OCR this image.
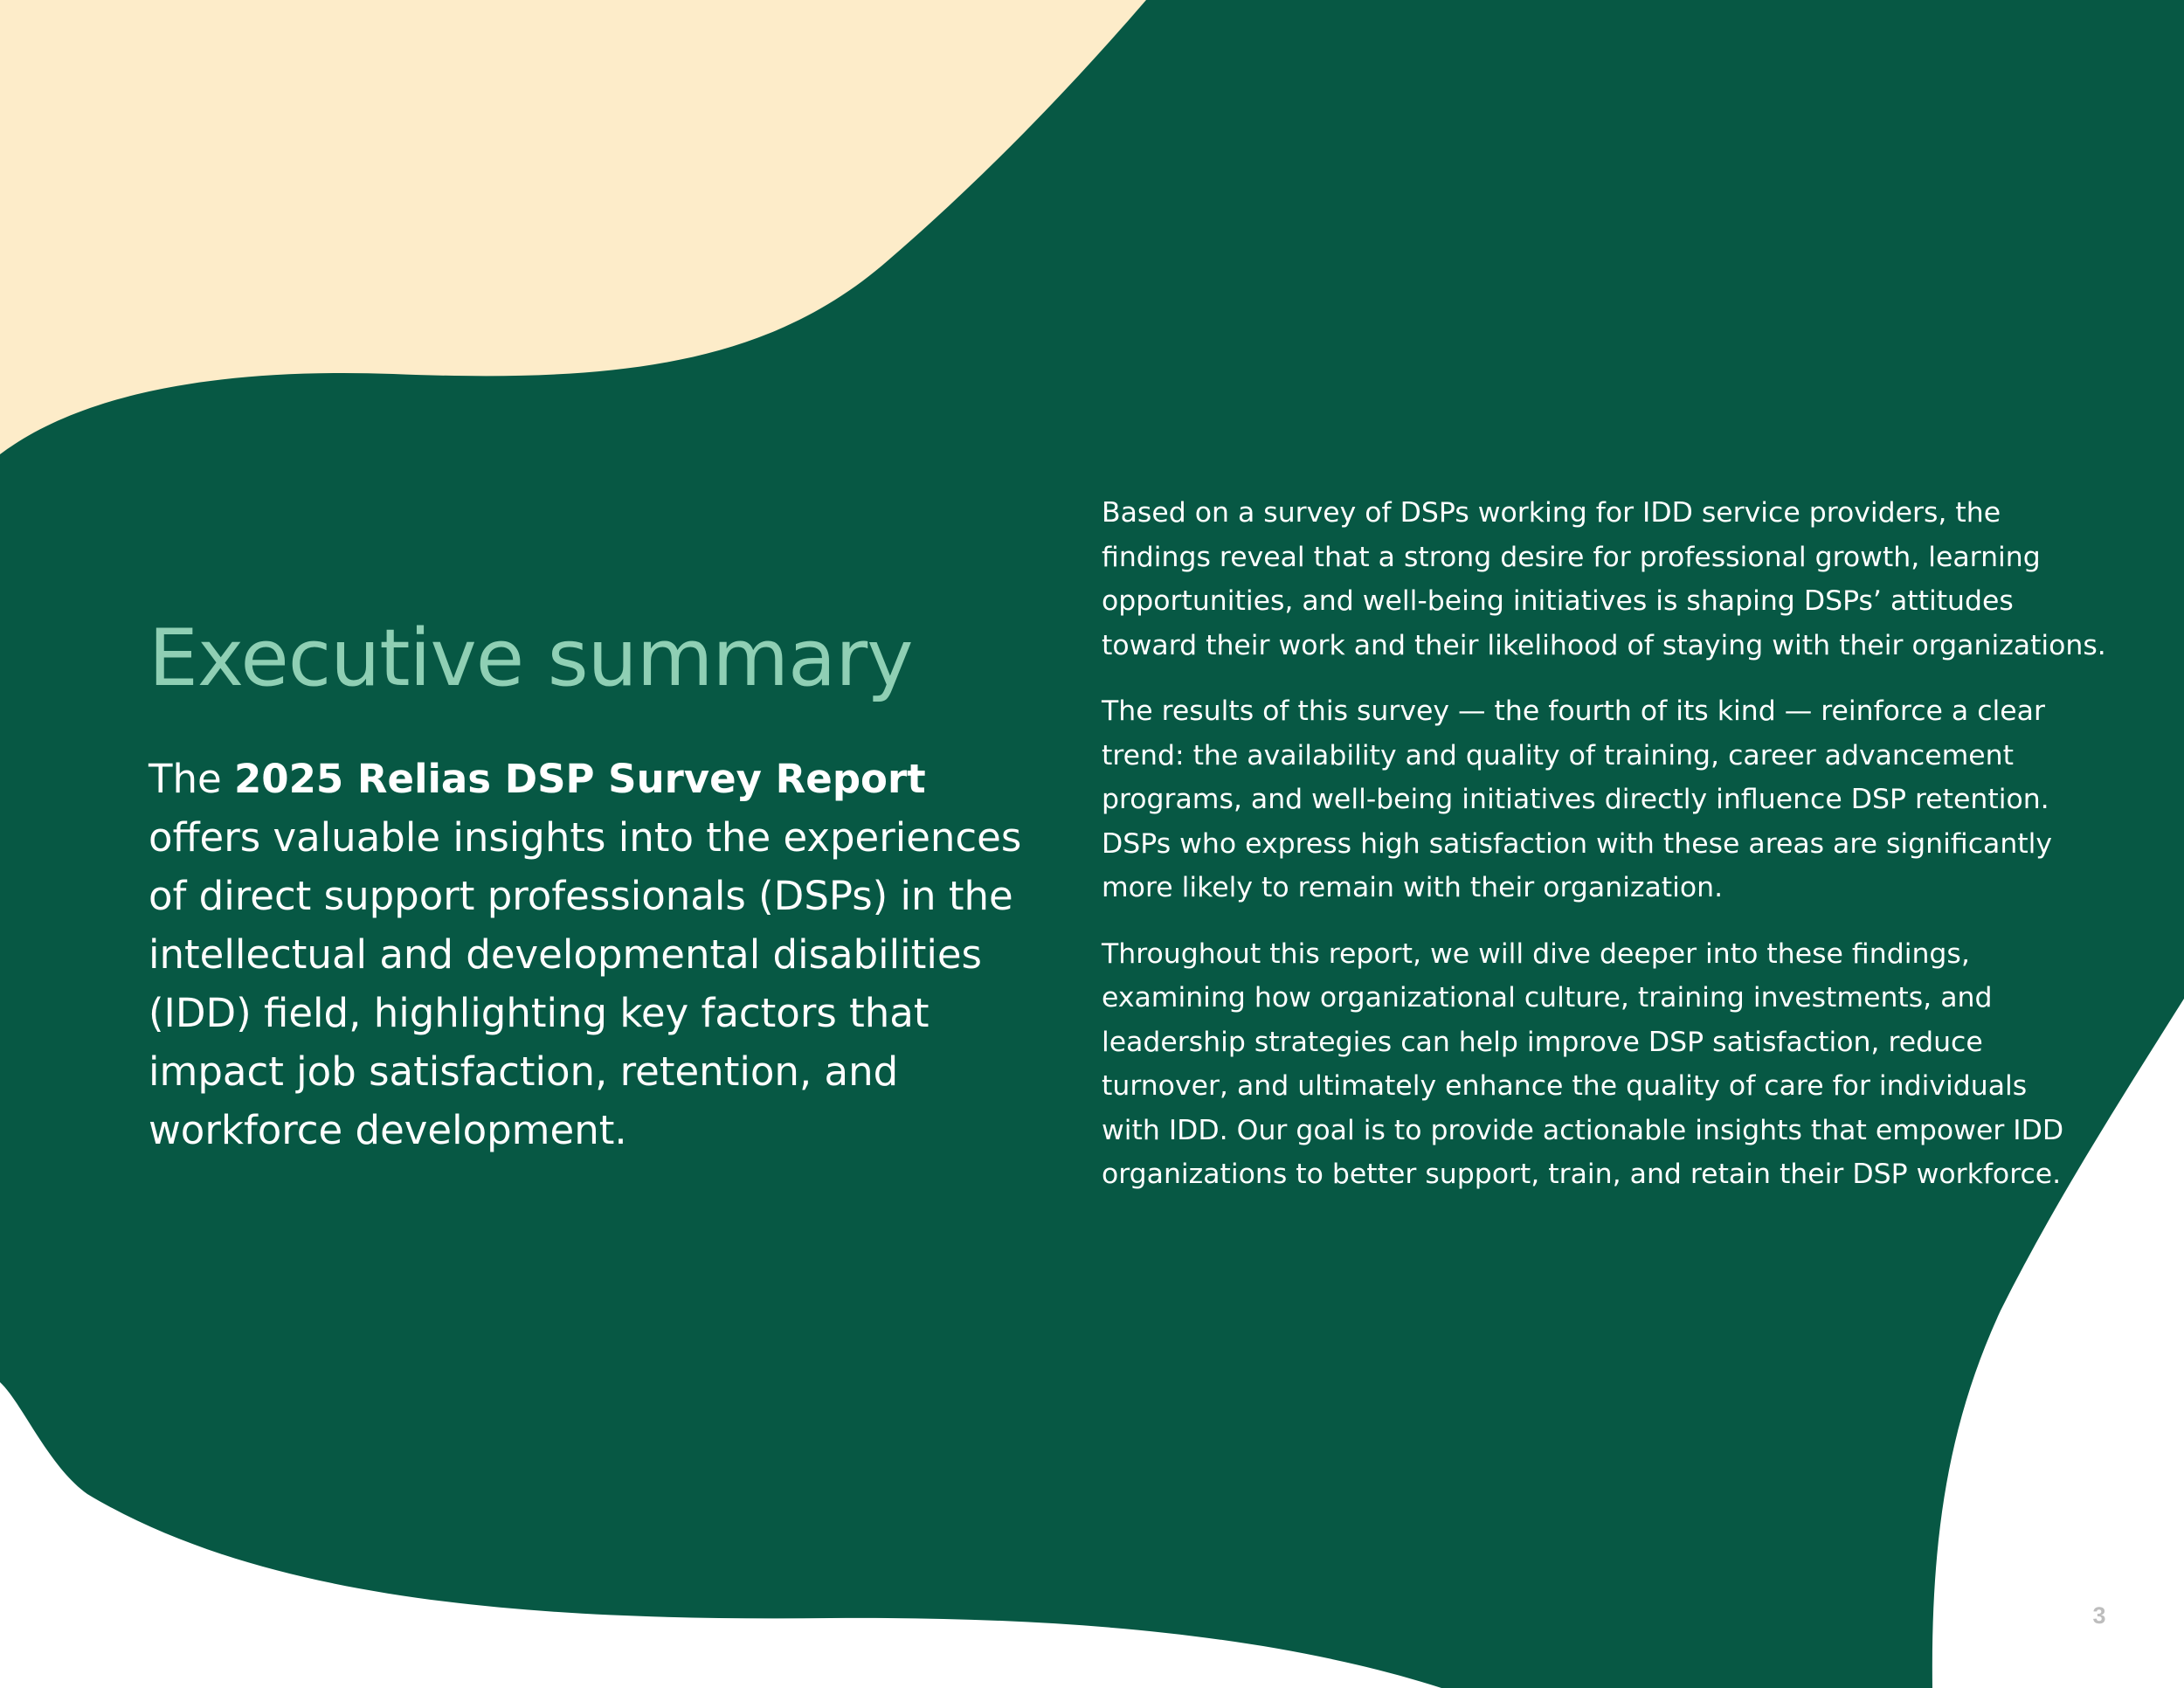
Executive summary

The 2025 Relias DSP Survey Report offers valuable insights into the experiences of direct support professionals (DSPs) in the intellectual and developmental disabilities (IDD) field, highlighting key factors that impact job satisfaction, retention, and workforce development.

Based on a survey of DSPs working for IDD service providers, the
findings reveal that a strong desire for professional growth, learning
opportunities, and well-being initiatives is shaping DSPs’ attitudes
toward their work and their likelihood of staying with their organizations.

The results of this survey — the fourth of its kind — reinforce a clear
trend: the availability and quality of training, career advancement
programs, and well-being initiatives directly influence DSP retention.
DSPs who express high satisfaction with these areas are significantly
more likely to remain with their organization.

Throughout this report, we will dive deeper into these findings,
examining how organizational culture, training investments, and
leadership strategies can help improve DSP satisfaction, reduce
turnover, and ultimately enhance the quality of care for individuals
with IDD. Our goal is to provide actionable insights that empower IDD
organizations to better support, train, and retain their DSP workforce.

3
